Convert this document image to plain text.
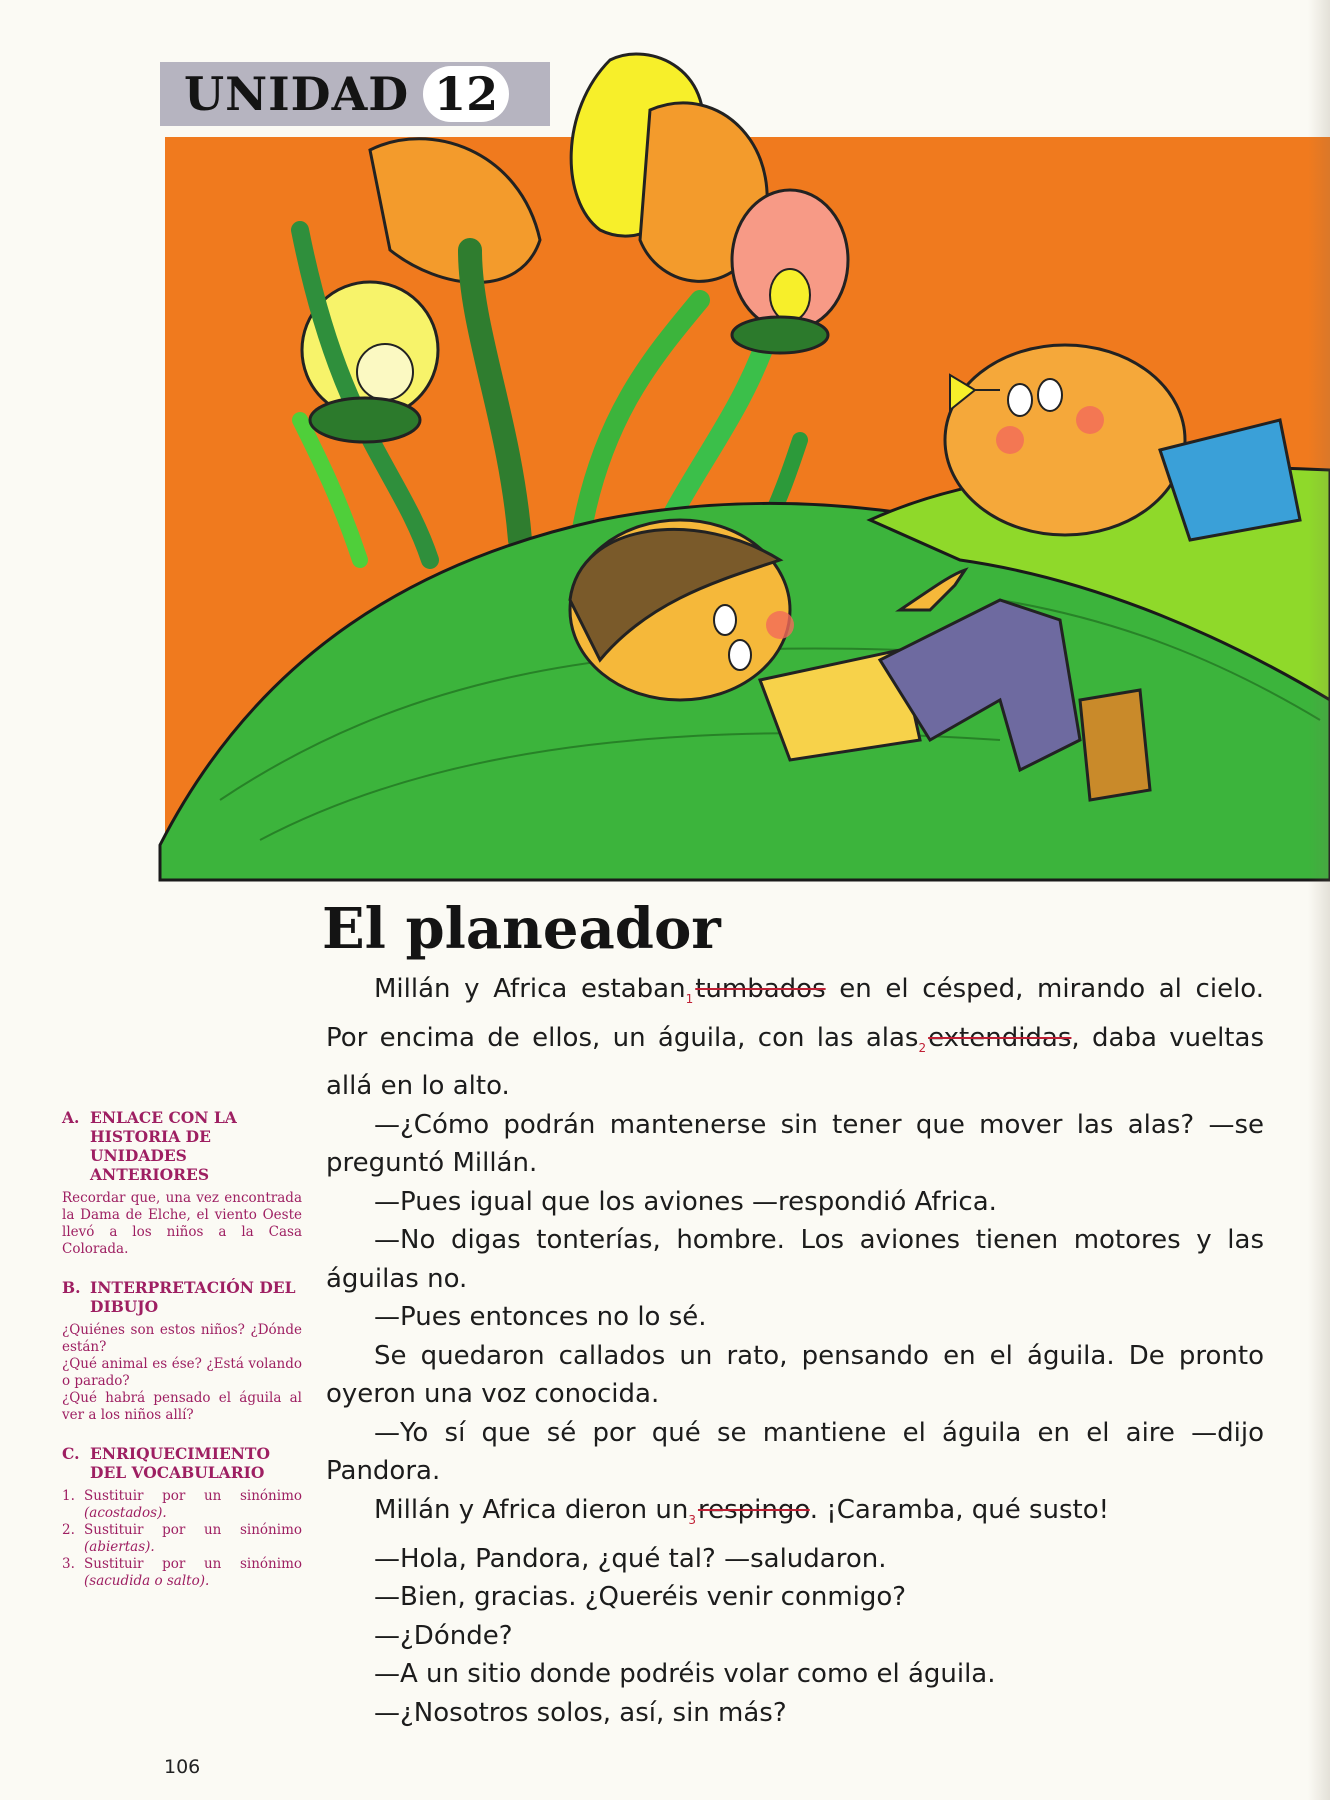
UNIDAD 12
El planeador

Millán y Africa estaban$_1$tumbados en el césped, mirando al cielo. Por encima de ellos, un águila, con las alas$_2$extendidas, daba vueltas allá en lo alto.

—¿Cómo podrán mantenerse sin tener que mover las alas? —se preguntó Millán.

—Pues igual que los aviones —respondió Africa.

—No digas tonterías, hombre. Los aviones tienen motores y las águilas no.

—Pues entonces no lo sé.

Se quedaron callados un rato, pensando en el águila. De pronto oyeron una voz conocida.

—Yo sí que sé por qué se mantiene el águila en el aire —dijo Pandora.

Millán y Africa dieron $un_3respingo$. ¡Caramba, qué susto!

—Hola, Pandora, ¿qué tal? —saludaron.

—Bien, gracias. ¿Queréis venir conmigo?

—¿Dónde?

—A un sitio donde podréis volar como el águila.

—¿Nosotros solos, así, sin más?

A. ENLACE CON LA HISTORIA DE UNIDADES ANTERIORES
Recordar que, una vez encontrada la Dama de Elche, el viento Oeste llevó a los niños a la Casa Colorada.
B. INTERPRETACIÓN DEL DIBUJO

¿Quiénes son estos niños? ¿Dónde están?

¿Qué animal es ése? ¿Está volando o parado?

¿Qué habrá pensado el águila al ver a los niños allí?

C. ENRIQUECIMIENTO DEL VOCABULARIO
1. Sustituir por un sinónimo (acostados).
2. Sustituir por un sinónimo (abiertas).
3. Sustituir por un sinónimo (sacudida o salto).
106
